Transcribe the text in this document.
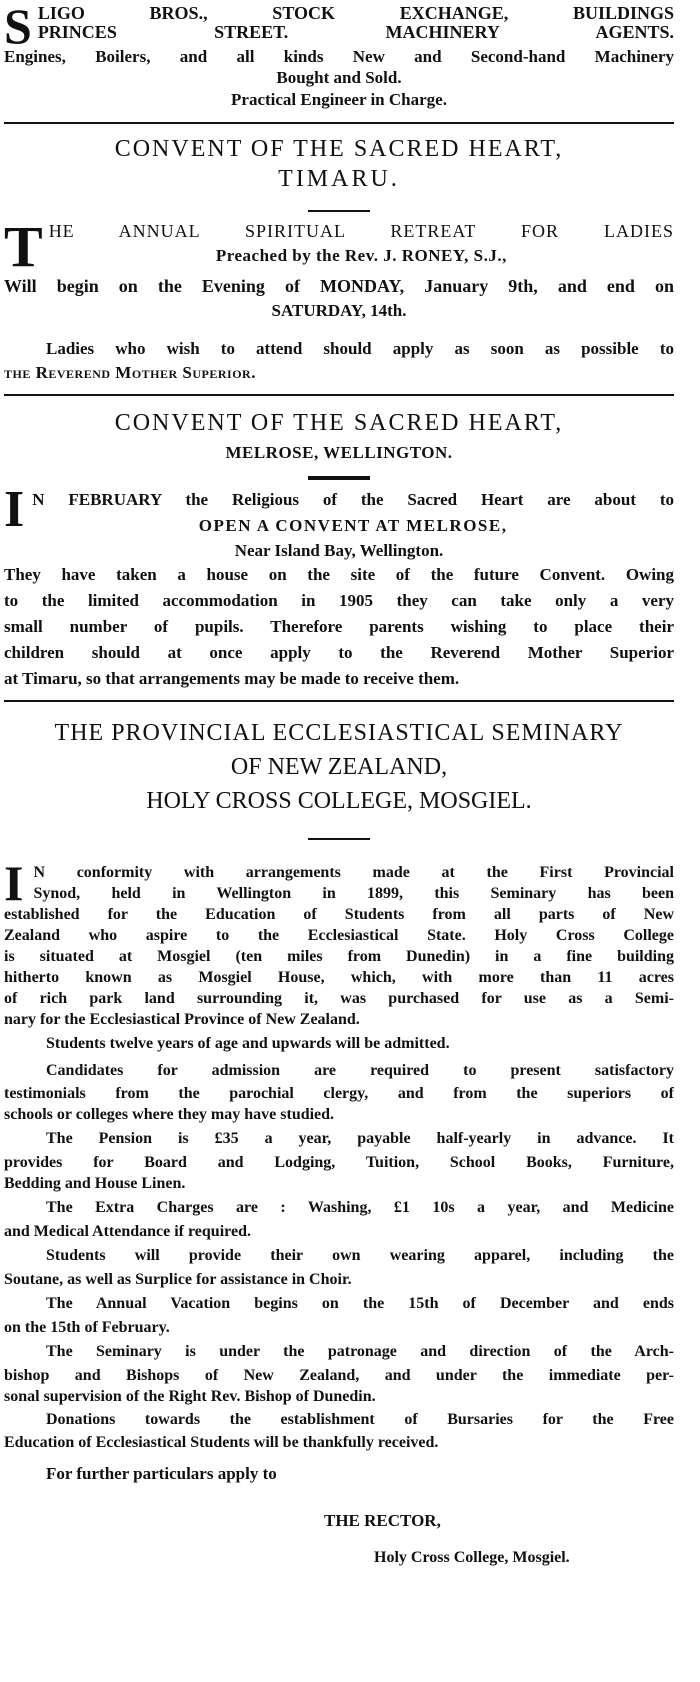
S LIGO BROS., STOCK EXCHANGE, BUILDINGS

PRINCES STREET. MACHINERY AGENTS.

Engines, Boilers, and all kinds New and Second-hand Machinery

Bought and Sold.

Practical Engineer in Charge.

CONVENT OF THE SACRED HEART,

TIMARU.

T HE ANNUAL SPIRITUAL RETREAT FOR LADIES

Preached by the Rev. J. RONEY, S.J.,

Will begin on the Evening of MONDAY, January 9th, and end on

SATURDAY, 14th.

Ladies who wish to attend should apply as soon as possible to

the Reverend Mother Superior.

CONVENT OF THE SACRED HEART,

MELROSE, WELLINGTON.

I N FEBRUARY the Religious of the Sacred Heart are about to

OPEN A CONVENT AT MELROSE,

Near Island Bay, Wellington.

They have taken a house on the site of the future Convent. Owing

to the limited accommodation in 1905 they can take only a very

small number of pupils. Therefore parents wishing to place their

children should at once apply to the Reverend Mother Superior

at Timaru, so that arrangements may be made to receive them.

THE PROVINCIAL ECCLESIASTICAL SEMINARY

OF NEW ZEALAND,

HOLY CROSS COLLEGE, MOSGIEL.

I N conformity with arrangements made at the First Provincial

Synod, held in Wellington in 1899, this Seminary has been

established for the Education of Students from all parts of New

Zealand who aspire to the Ecclesiastical State. Holy Cross College

is situated at Mosgiel (ten miles from Dunedin) in a fine building

hitherto known as Mosgiel House, which, with more than 11 acres

of rich park land surrounding it, was purchased for use as a Semi-

nary for the Ecclesiastical Province of New Zealand.

Students twelve years of age and upwards will be admitted.

Candidates for admission are required to present satisfactory

testimonials from the parochial clergy, and from the superiors of

schools or colleges where they may have studied.

The Pension is £35 a year, payable half-yearly in advance. It

provides for Board and Lodging, Tuition, School Books, Furniture,

Bedding and House Linen.

The Extra Charges are : Washing, £1 10s a year, and Medicine

and Medical Attendance if required.

Students will provide their own wearing apparel, including the

Soutane, as well as Surplice for assistance in Choir.

The Annual Vacation begins on the 15th of December and ends

on the 15th of February.

The Seminary is under the patronage and direction of the Arch-

bishop and Bishops of New Zealand, and under the immediate per-

sonal supervision of the Right Rev. Bishop of Dunedin.

Donations towards the establishment of Bursaries for the Free

Education of Ecclesiastical Students will be thankfully received.

For further particulars apply to

THE RECTOR,

Holy Cross College, Mosgiel.
